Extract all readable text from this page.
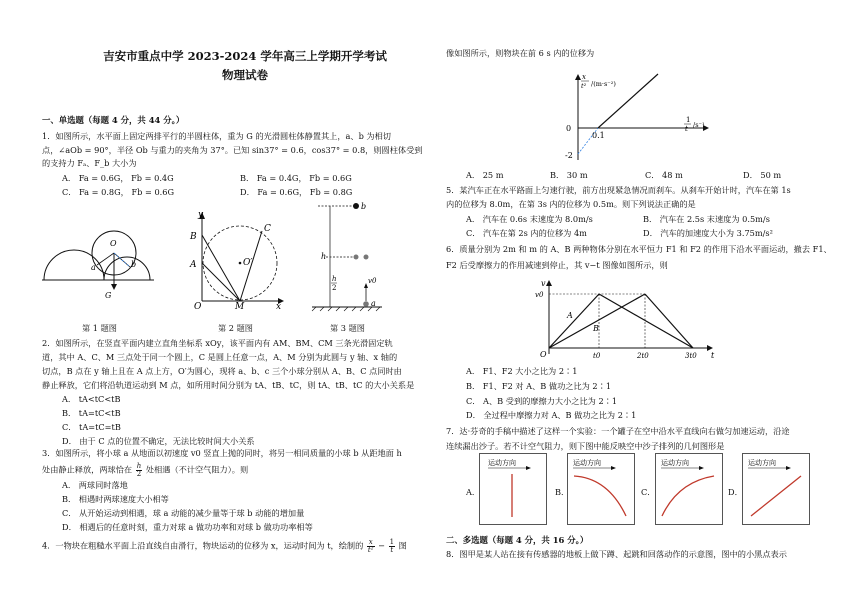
吉安市重点中学 2023-2024 学年高三上学期开学考试
物理试卷
一、单选题（每题 4 分，共 44 分。）
1．如图所示，水平面上固定两排平行的半圆柱体，重为 G 的光滑圆柱体静置其上，a、b 为相切
点，∠aOb = 90°，半径 Ob 与重力的夹角为 37°。已知 sin37° = 0.6，cos37° = 0.8，则圆柱体受到
的支持力 Fₐ、F_b 大小为
A． Fa = 0.6G， Fb = 0.4G	B． Fa = 0.4G， Fb = 0.6G
C． Fa = 0.8G， Fb = 0.6G	D． Fa = 0.6G， Fb = 0.8G
O
a	b
G
y
B
A
C
O′
O	M	x
b
a
h
h
2
v0
第 1 题图	第 2 题图	第 3 题图
2．如图所示，在竖直平面内建立直角坐标系 xOy，该平面内有 AM、BM、CM 三条光滑固定轨
道，其中 A、C、M 三点处于同一个圆上，C 是圆上任意一点，A、M 分别为此圆与 y 轴、x 轴的
切点，B 点在 y 轴上且在 A 点上方，O′为圆心，现将 a、b、c 三个小球分别从 A、B、C 点同时由
静止释放，它们将沿轨道运动到 M 点，如所用时间分别为 tA、tB、tC，则 tA、tB、tC 的大小关系是
A． tA<tC<tB
B． tA=tC<tB
C． tA=tC=tB
D． 由于 C 点的位置不确定，无法比较时间大小关系
3．如图所示，将小球 a 从地面以初速度 v0 竖直上抛的同时，将另一相同质量的小球 b 从距地面 h
处由静止释放，两球恰在 $\frac{h}{2}$ 处相遇（不计空气阻力）。则
A． 两球同时落地
B． 相遇时两球速度大小相等
C． 从开始运动到相遇，球 a 动能的减少量等于球 b 动能的增加量
D． 相遇后的任意时刻，重力对球 a 做功功率和对球 b 做功功率相等
4．一物块在粗糙水平面上沿直线自由滑行，物块运动的位移为 x，运动时间为 t，绘制的 $\frac{x}{\text{t²}} - \frac{1}{t}$ 图
像如图所示，则物块在前 6 s 内的位移为
x
t² /(m·s⁻²)
0
0.1
-2
1
t /s⁻¹
A． 25 m	B． 30 m	C． 48 m	D． 50 m
5．某汽车正在水平路面上匀速行驶，前方出现紧急情况而刹车。从刹车开始计时，汽车在第 1s
内的位移为 8.0m，在第 3s 内的位移为 0.5m。则下列说法正确的是
A． 汽车在 0.6s 末速度为 8.0m/s	B． 汽车在 2.5s 末速度为 0.5m/s
C． 汽车在第 2s 内的位移为 4m	D． 汽车的加速度大小为 3.75m/s²
6．质量分别为 2m 和 m 的 A、B 两种物体分别在水平恒力 F1 和 F2 的作用下沿水平面运动，撤去 F1、
F2 后受摩擦力的作用减速到停止，其 v−t 图像如图所示，则
v
v0
O	t0	2t0	3t0 t
A
B
A． F1、F2 大小之比为 2∶1
B． F1、F2 对 A、B 做功之比为 2∶1
C． A、B 受到的摩擦力大小之比为 2∶1
D． 全过程中摩擦力对 A、B 做功之比为 2∶1
7．达·芬奇的手稿中描述了这样一个实验：一个罐子在空中沿水平直线向右做匀加速运动，沿途
连续漏出沙子。若不计空气阻力，则下图中能反映空中沙子排列的几何图形是
A．
运动方向
B．
运动方向
C．
运动方向
D．
运动方向
二、多选题（每题 4 分，共 16 分。）
8．图甲是某人站在接有传感器的地板上做下蹲、起跳和回落动作的示意图，图中的小黑点表示
